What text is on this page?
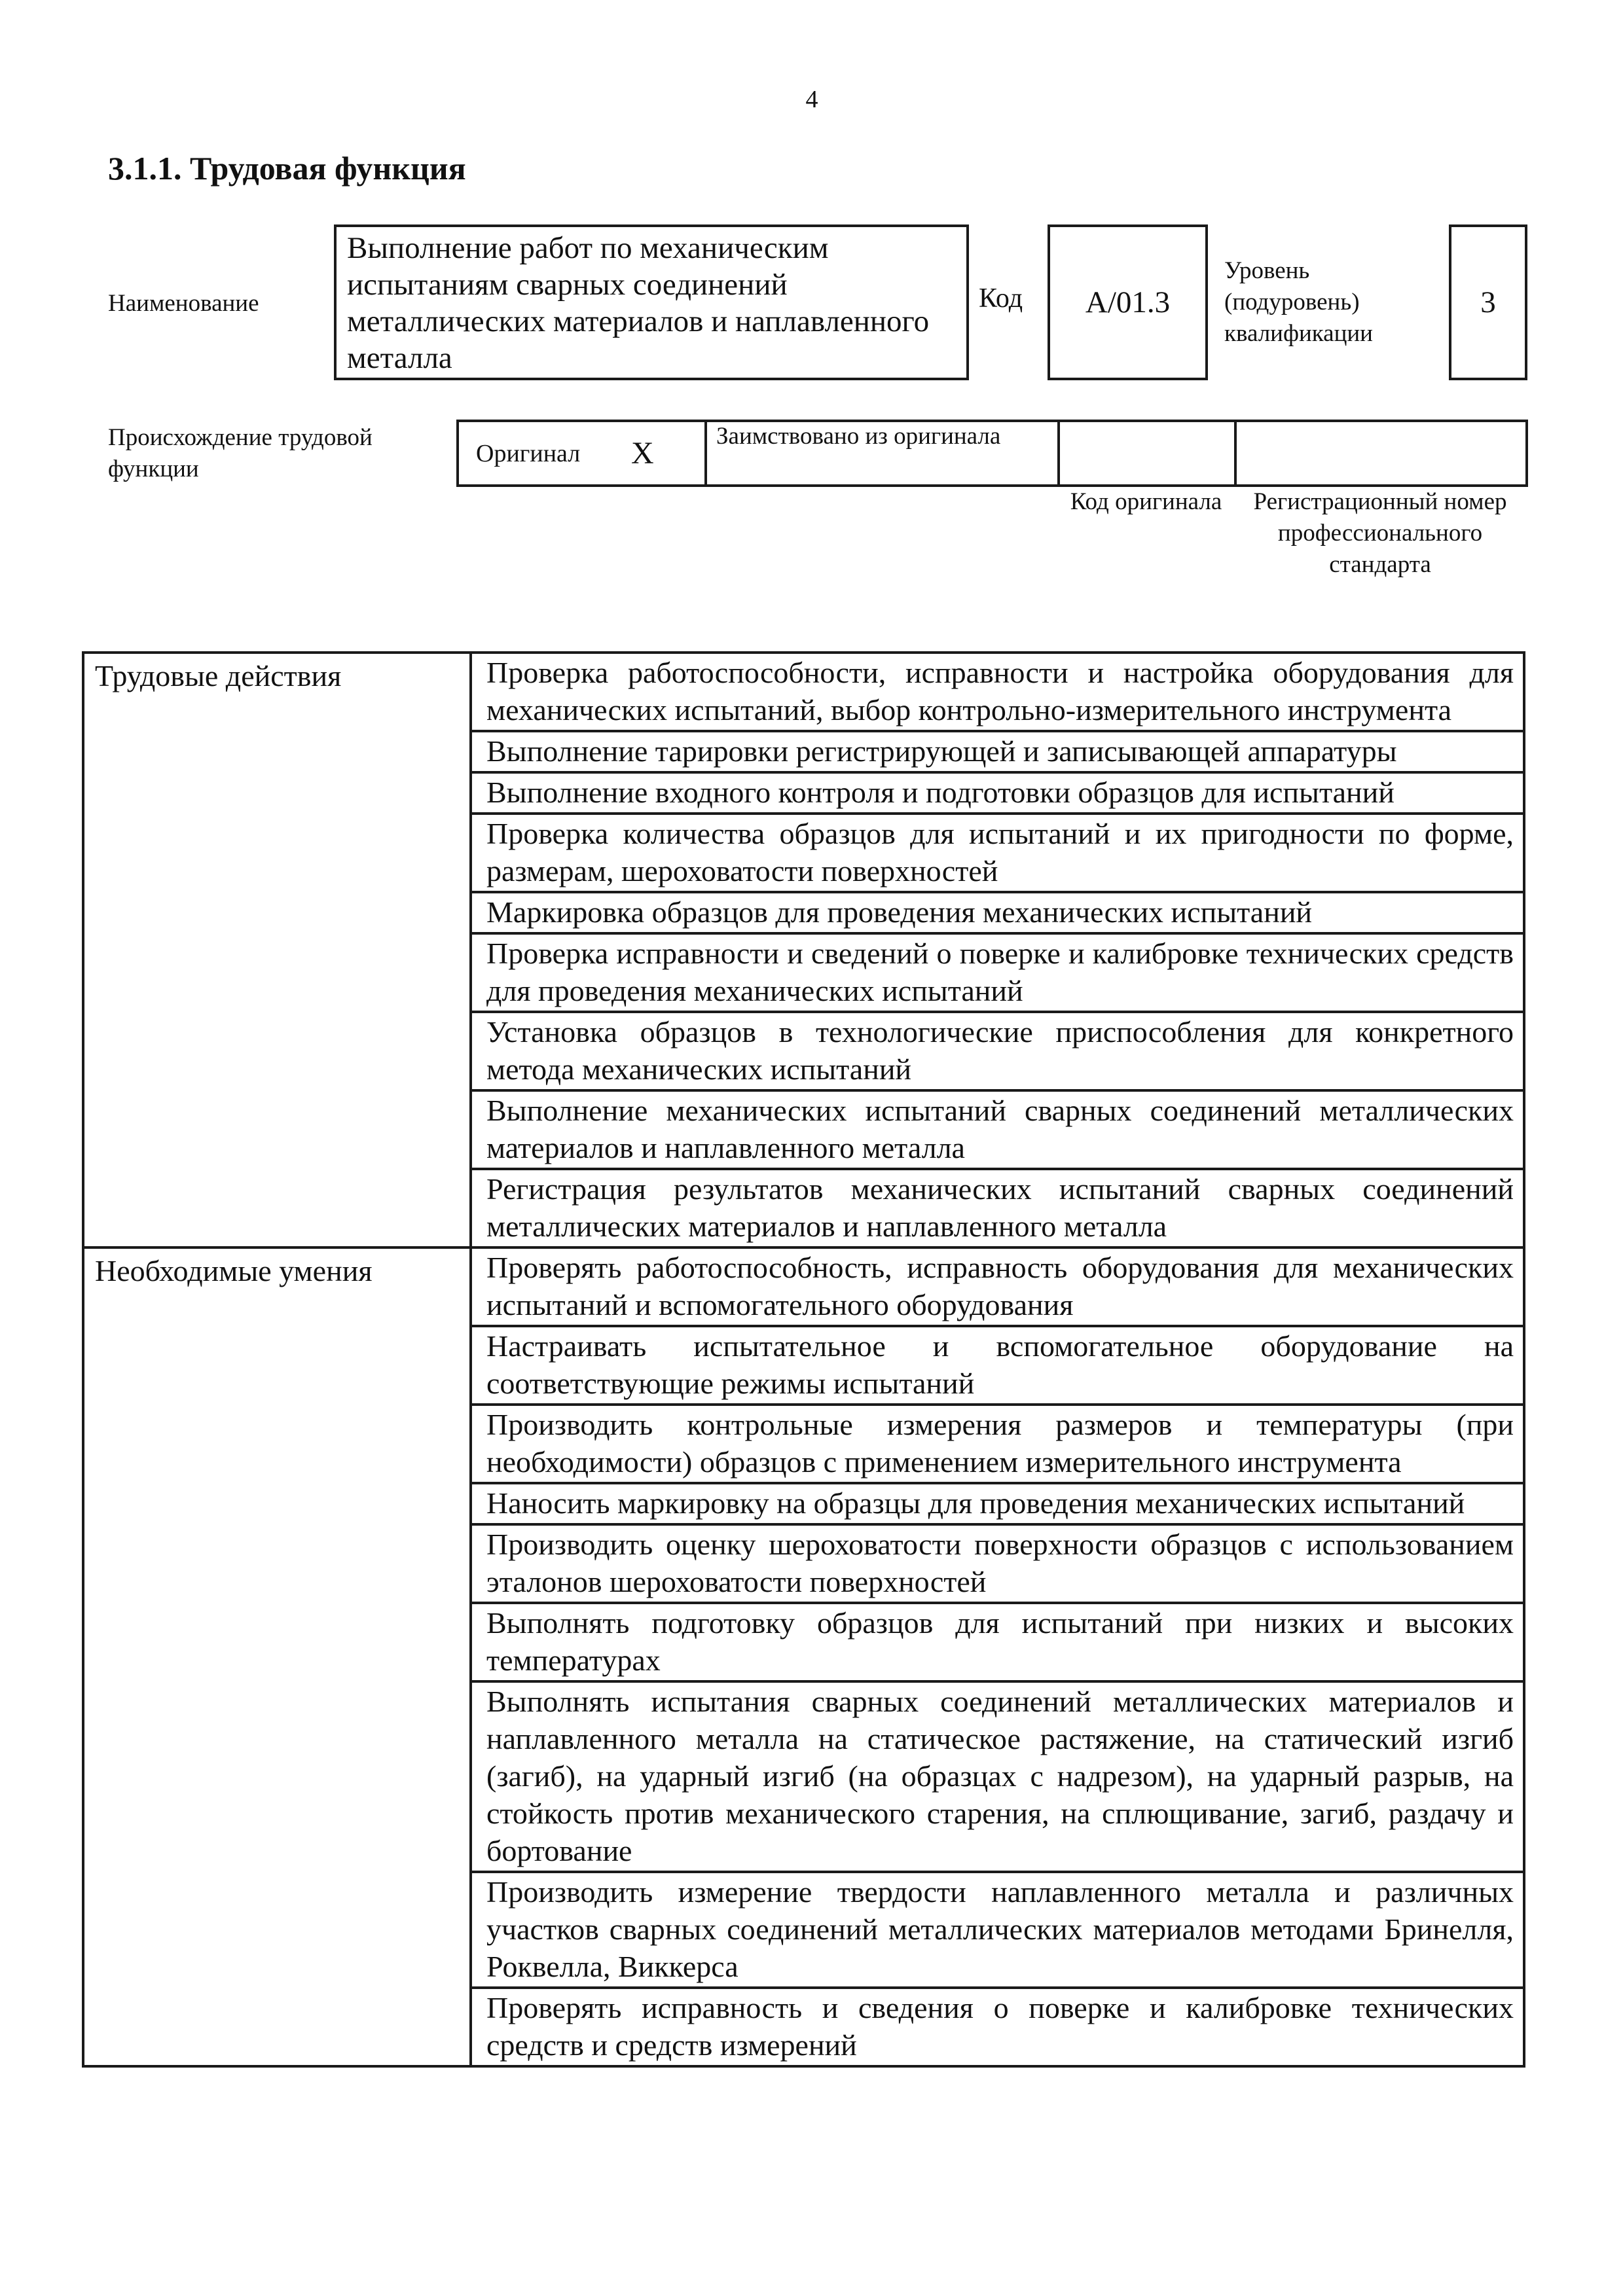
4
3.1.1. Трудовая функция
Наименование
Выполнение работ по механическим испытаниям сварных соединений металлических материалов и наплавленного металла
Код	A/01.3
Уровень (подуровень) квалификации
3
Происхождение трудовой функции
Оригинал X	Заимствовано из оригинала
Код оригинала	Регистрационный номер профессионального стандарта
Трудовые действия	Проверка работоспособности, исправности и настройка оборудования для механических испытаний, выбор контрольно-измерительного инструмента
	Выполнение тарировки регистрирующей и записывающей аппаратуры
	Выполнение входного контроля и подготовки образцов для испытаний
	Проверка количества образцов для испытаний и их пригодности по форме, размерам, шероховатости поверхностей
	Маркировка образцов для проведения механических испытаний
	Проверка исправности и сведений о поверке и калибровке технических средств для проведения механических испытаний
	Установка образцов в технологические приспособления для конкретного метода механических испытаний
	Выполнение механических испытаний сварных соединений металлических материалов и наплавленного металла
	Регистрация результатов механических испытаний сварных соединений металлических материалов и наплавленного металла
Необходимые умения	Проверять работоспособность, исправность оборудования для механических испытаний и вспомогательного оборудования
	Настраивать испытательное и вспомогательное оборудование на соответствующие режимы испытаний
	Производить контрольные измерения размеров и температуры (при необходимости) образцов с применением измерительного инструмента
	Наносить маркировку на образцы для проведения механических испытаний
	Производить оценку шероховатости поверхности образцов с использованием эталонов шероховатости поверхностей
	Выполнять подготовку образцов для испытаний при низких и высоких температурах
	Выполнять испытания сварных соединений металлических материалов и наплавленного металла на статическое растяжение, на статический изгиб (загиб), на ударный изгиб (на образцах с надрезом), на ударный разрыв, на стойкость против механического старения, на сплющивание, загиб, раздачу и бортование
	Производить измерение твердости наплавленного металла и различных участков сварных соединений металлических материалов методами Бринелля, Роквелла, Виккерса
	Проверять исправность и сведения о поверке и калибровке технических средств и средств измерений
